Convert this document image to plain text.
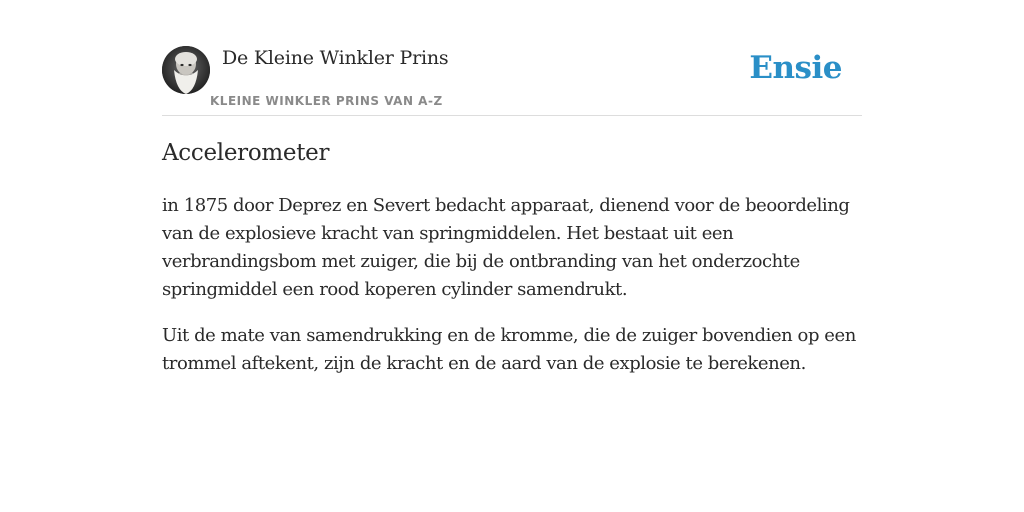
De Kleine Winkler Prins
KLEINE WINKLER PRINS VAN A-Z
Ensie
Accelerometer

in 1875 door Deprez en Severt bedacht apparaat, dienend voor de beoordeling van de explosieve kracht van springmiddelen. Het bestaat uit een verbrandingsbom met zuiger, die bij de ontbranding van het onderzochte springmiddel een rood koperen cylinder samendrukt.

Uit de mate van samendrukking en de kromme, die de zuiger bovendien op een trommel aftekent, zijn de kracht en de aard van de explosie te berekenen.
